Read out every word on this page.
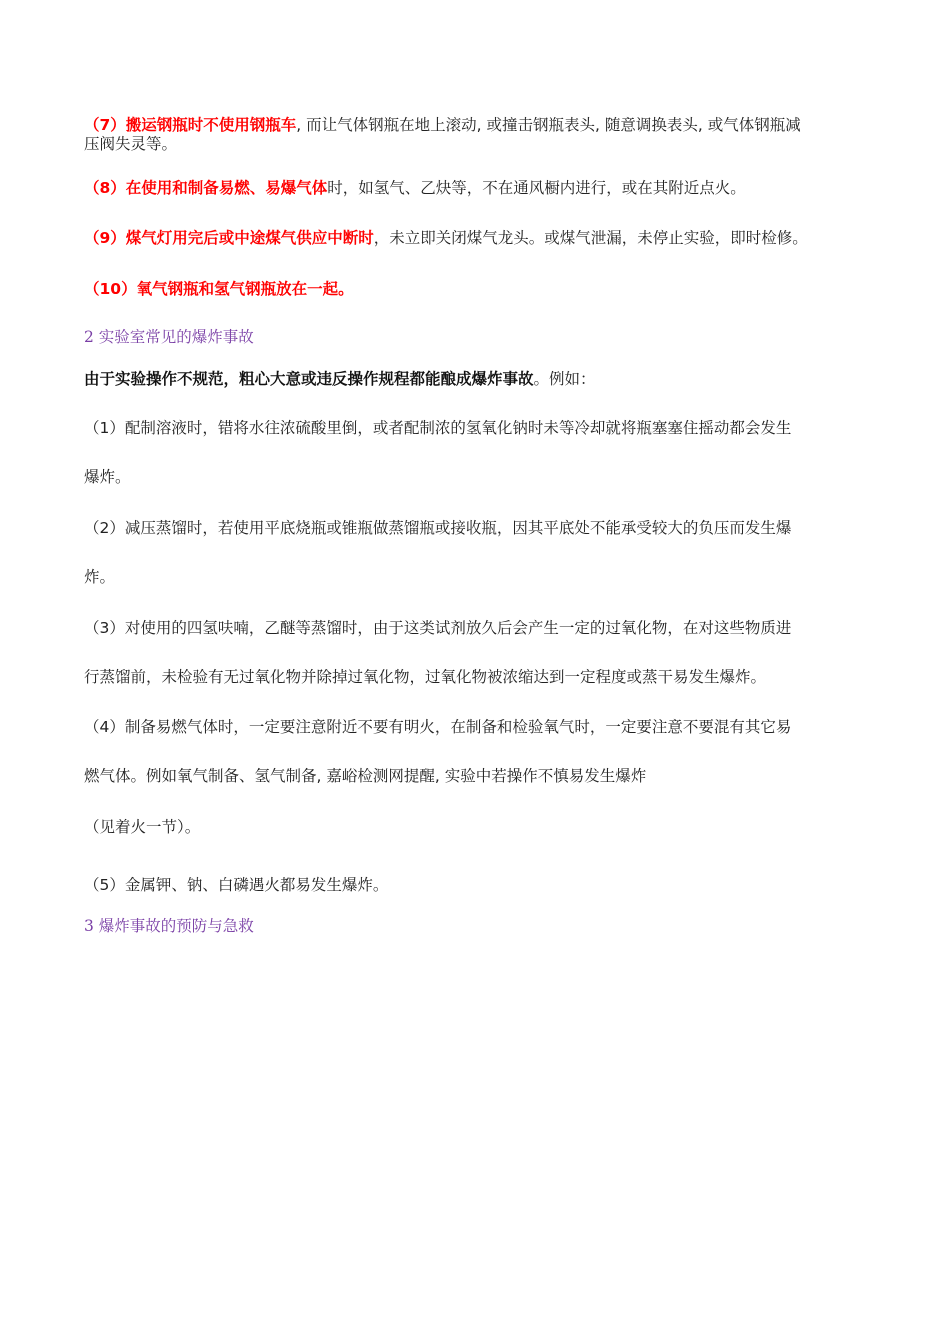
（7）搬运钢瓶时不使用钢瓶车, 而让气体钢瓶在地上滚动, 或撞击钢瓶表头, 随意调换表头, 或气体钢瓶减
压阀失灵等。
（8）在使用和制备易燃、易爆气体时，如氢气、乙炔等，不在通风橱内进行，或在其附近点火。
（9）煤气灯用完后或中途煤气供应中断时，未立即关闭煤气龙头。或煤气泄漏，未停止实验，即时检修。
（10）氧气钢瓶和氢气钢瓶放在一起。
2 实验室常见的爆炸事故
由于实验操作不规范，粗心大意或违反操作规程都能酿成爆炸事故。例如：
（1）配制溶液时，错将水往浓硫酸里倒，或者配制浓的氢氧化钠时未等冷却就将瓶塞塞住摇动都会发生
爆炸。
（2）减压蒸馏时，若使用平底烧瓶或锥瓶做蒸馏瓶或接收瓶，因其平底处不能承受较大的负压而发生爆
炸。
（3）对使用的四氢呋喃，乙醚等蒸馏时，由于这类试剂放久后会产生一定的过氧化物，在对这些物质进
行蒸馏前，未检验有无过氧化物并除掉过氧化物，过氧化物被浓缩达到一定程度或蒸干易发生爆炸。
（4）制备易燃气体时，一定要注意附近不要有明火，在制备和检验氧气时，一定要注意不要混有其它易
燃气体。例如氧气制备、氢气制备, 嘉峪检测网提醒, 实验中若操作不慎易发生爆炸
（见着火一节）。
（5）金属钾、钠、白磷遇火都易发生爆炸。
3 爆炸事故的预防与急救
